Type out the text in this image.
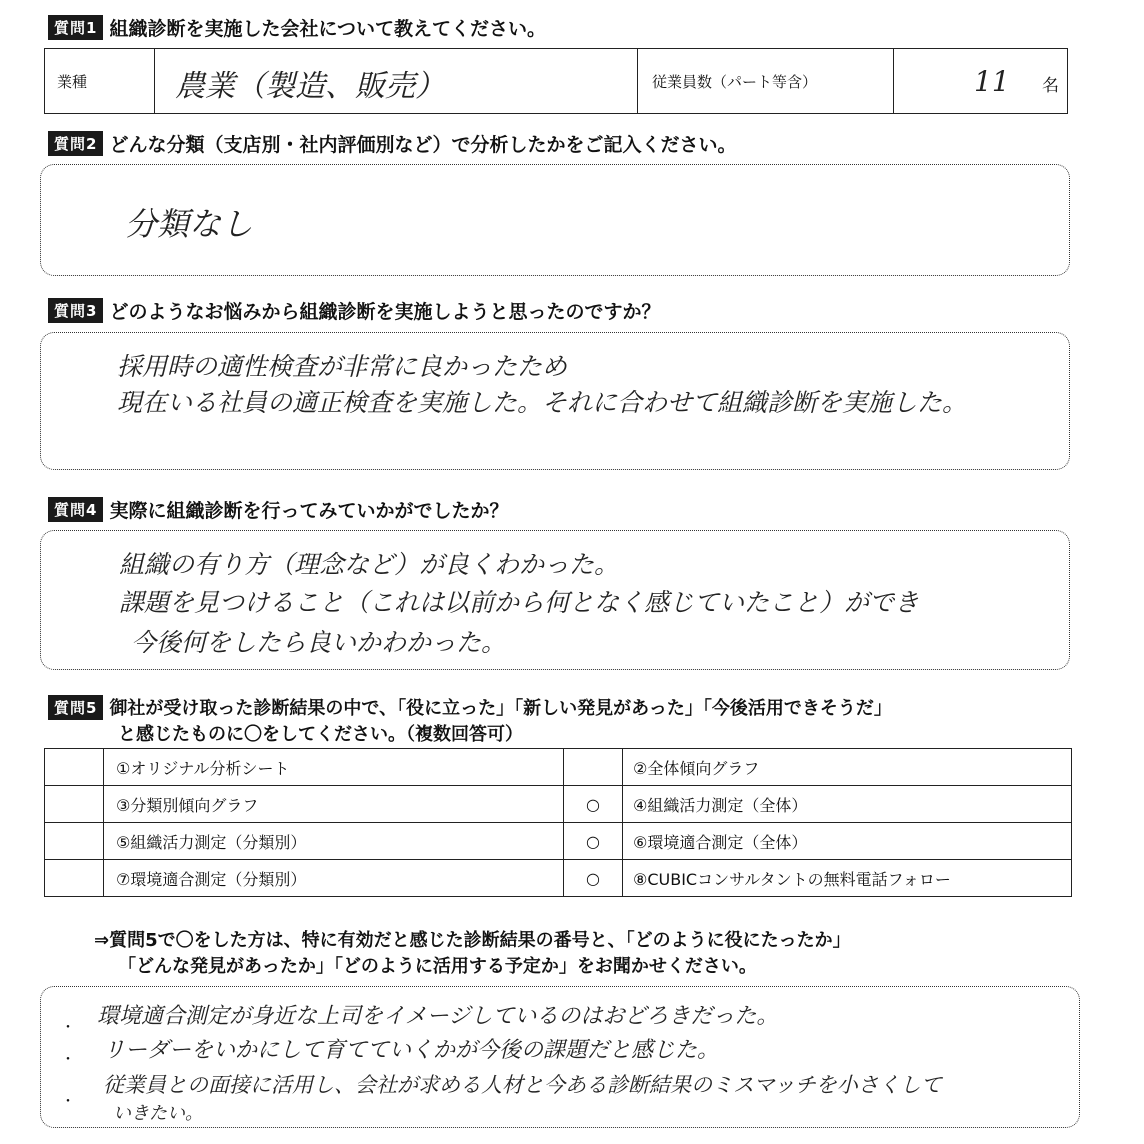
質問1 組織診断を実施した会社について教えてください。
業種	農業（製造、販売）	従業員数（パート等含）	11 名
質問2 どんな分類（支店別・社内評価別など）で分析したかをご記入ください。
分類なし
質問3 どのようなお悩みから組織診断を実施しようと思ったのですか？
採用時の適性検査が非常に良かったため
現在いる社員の適正検査を実施した。それに合わせて組織診断を実施した。
質問4 実際に組織診断を行ってみていかがでしたか？
組織の有り方（理念など）が良くわかった。
課題を見つけること（これは以前から何となく感じていたこと）ができ
今後何をしたら良いかわかった。
質問5 御社が受け取った診断結果の中で、「役に立った」「新しい発見があった」「今後活用できそうだ」
と感じたものに〇をしてください。（複数回答可）
	①オリジナル分析シート		②全体傾向グラフ
	③分類別傾向グラフ	○	④組織活力測定（全体）
	⑤組織活力測定（分類別）	○	⑥環境適合測定（全体）
	⑦環境適合測定（分類別）	○	⑧CUBICコンサルタントの無料電話フォロー
⇒質問5で〇をした方は、特に有効だと感じた診断結果の番号と、「どのように役にたったか」
「どんな発見があったか」「どのように活用する予定か」をお聞かせください。
・
・
・
環境適合測定が身近な上司をイメージしているのはおどろきだった。
リーダーをいかにして育てていくかが今後の課題だと感じた。
従業員との面接に活用し、会社が求める人材と今ある診断結果のミスマッチを小さくして
いきたい。
